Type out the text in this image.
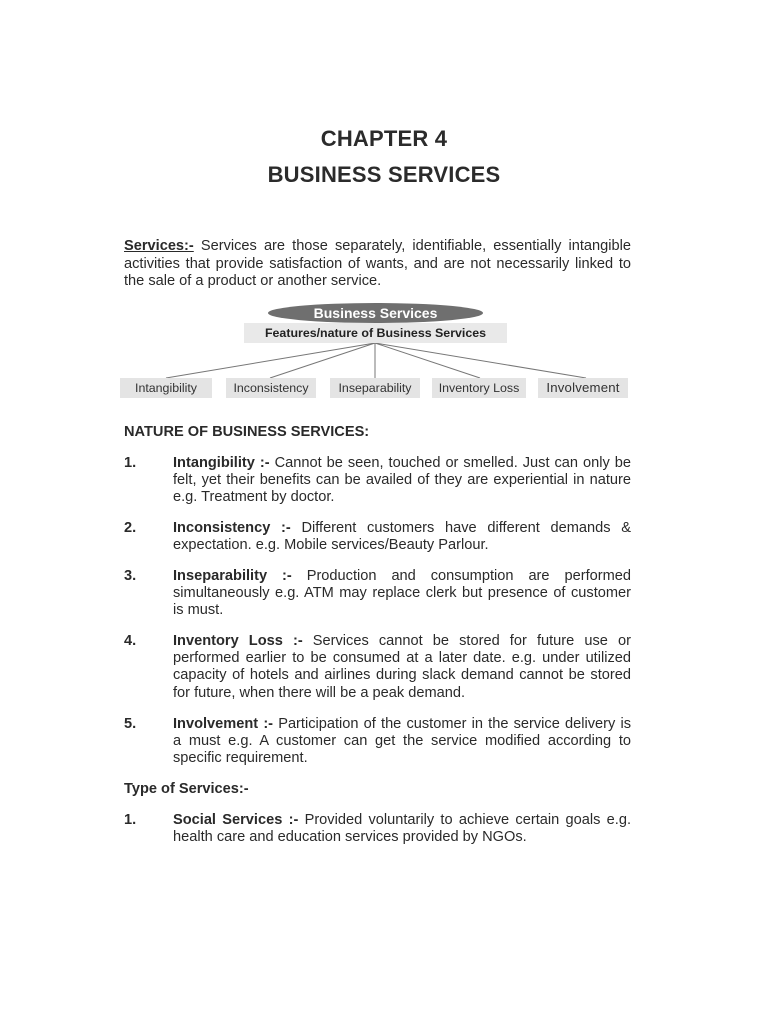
CHAPTER 4
BUSINESS SERVICES
Services:- Services are those separately, identifiable, essentially intangible activities that provide satisfaction of wants, and are not necessarily linked to the sale of a product or another service.
Business Services
Features/nature of Business Services
Intangibility	Inconsistency	Inseparability	Inventory Loss	Involvement
NATURE OF BUSINESS SERVICES:
1.	Intangibility :- Cannot be seen, touched or smelled. Just can only be felt, yet their benefits can be availed of they are experiential in nature e.g. Treatment by doctor.
2.	Inconsistency :- Different customers have different demands & expectation. e.g. Mobile services/Beauty Parlour.
3.	Inseparability :- Production and consumption are performed simultaneously e.g. ATM may replace clerk but presence of customer is must.
4.	Inventory Loss :- Services cannot be stored for future use or performed earlier to be consumed at a later date. e.g. under utilized capacity of hotels and airlines during slack demand cannot be stored for future, when there will be a peak demand.
5.	Involvement :- Participation of the customer in the service delivery is a must e.g. A customer can get the service modified according to specific requirement.
Type of Services:-
1.	Social Services :- Provided voluntarily to achieve certain goals e.g. health care and education services provided by NGOs.
